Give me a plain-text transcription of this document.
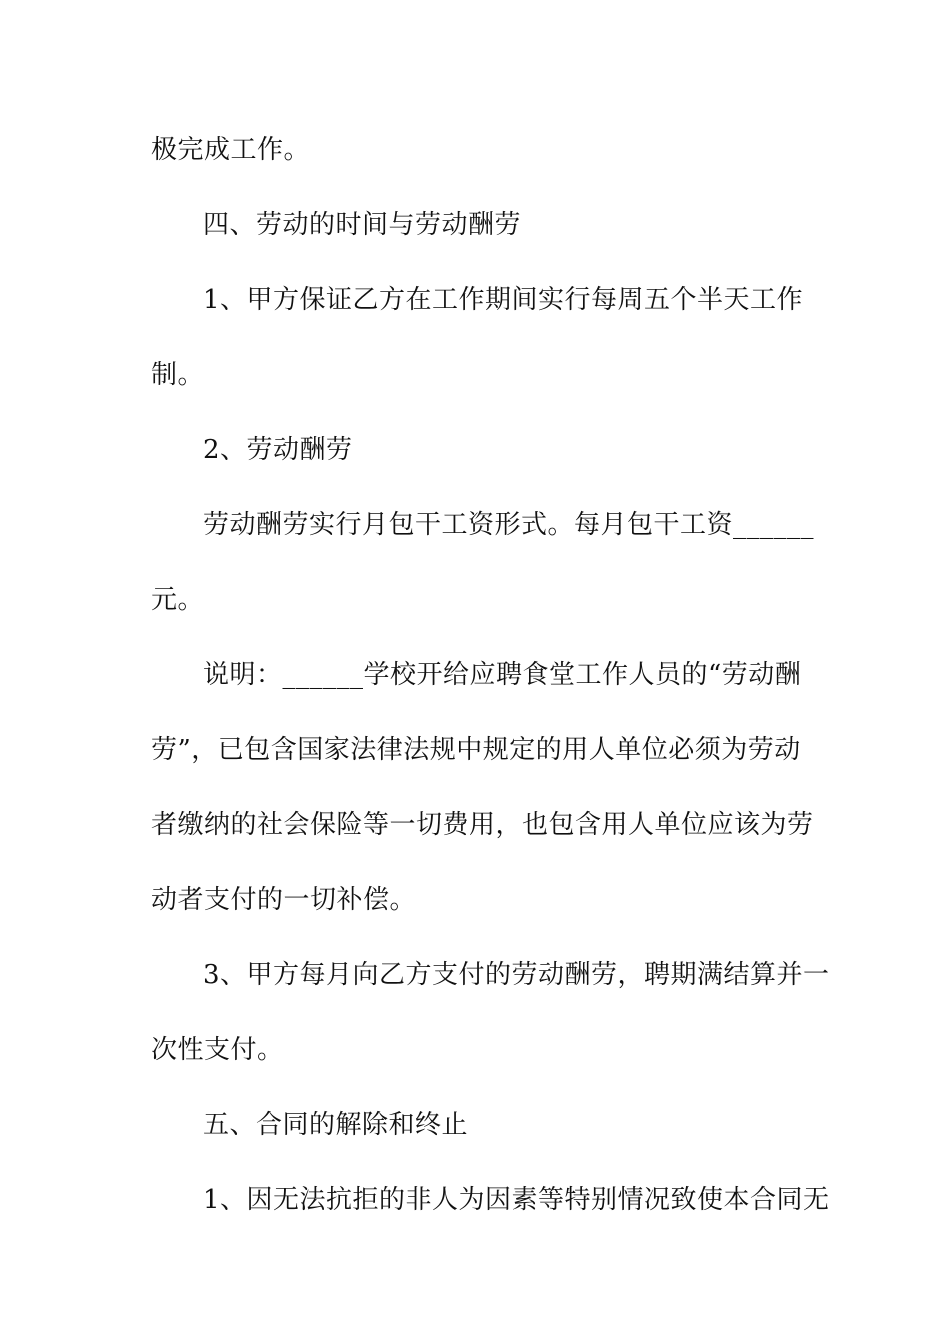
极完成工作。
四、劳动的时间与劳动酬劳
1、甲方保证乙方在工作期间实行每周五个半天工作
制。
2、劳动酬劳
劳动酬劳实行月包干工资形式。每月包干工资______
元。
说明：______学校开给应聘食堂工作人员的“劳动酬
劳”，已包含国家法律法规中规定的用人单位必须为劳动
者缴纳的社会保险等一切费用，也包含用人单位应该为劳
动者支付的一切补偿。
3、甲方每月向乙方支付的劳动酬劳，聘期满结算并一
次性支付。
五、合同的解除和终止
1、因无法抗拒的非人为因素等特别情况致使本合同无
